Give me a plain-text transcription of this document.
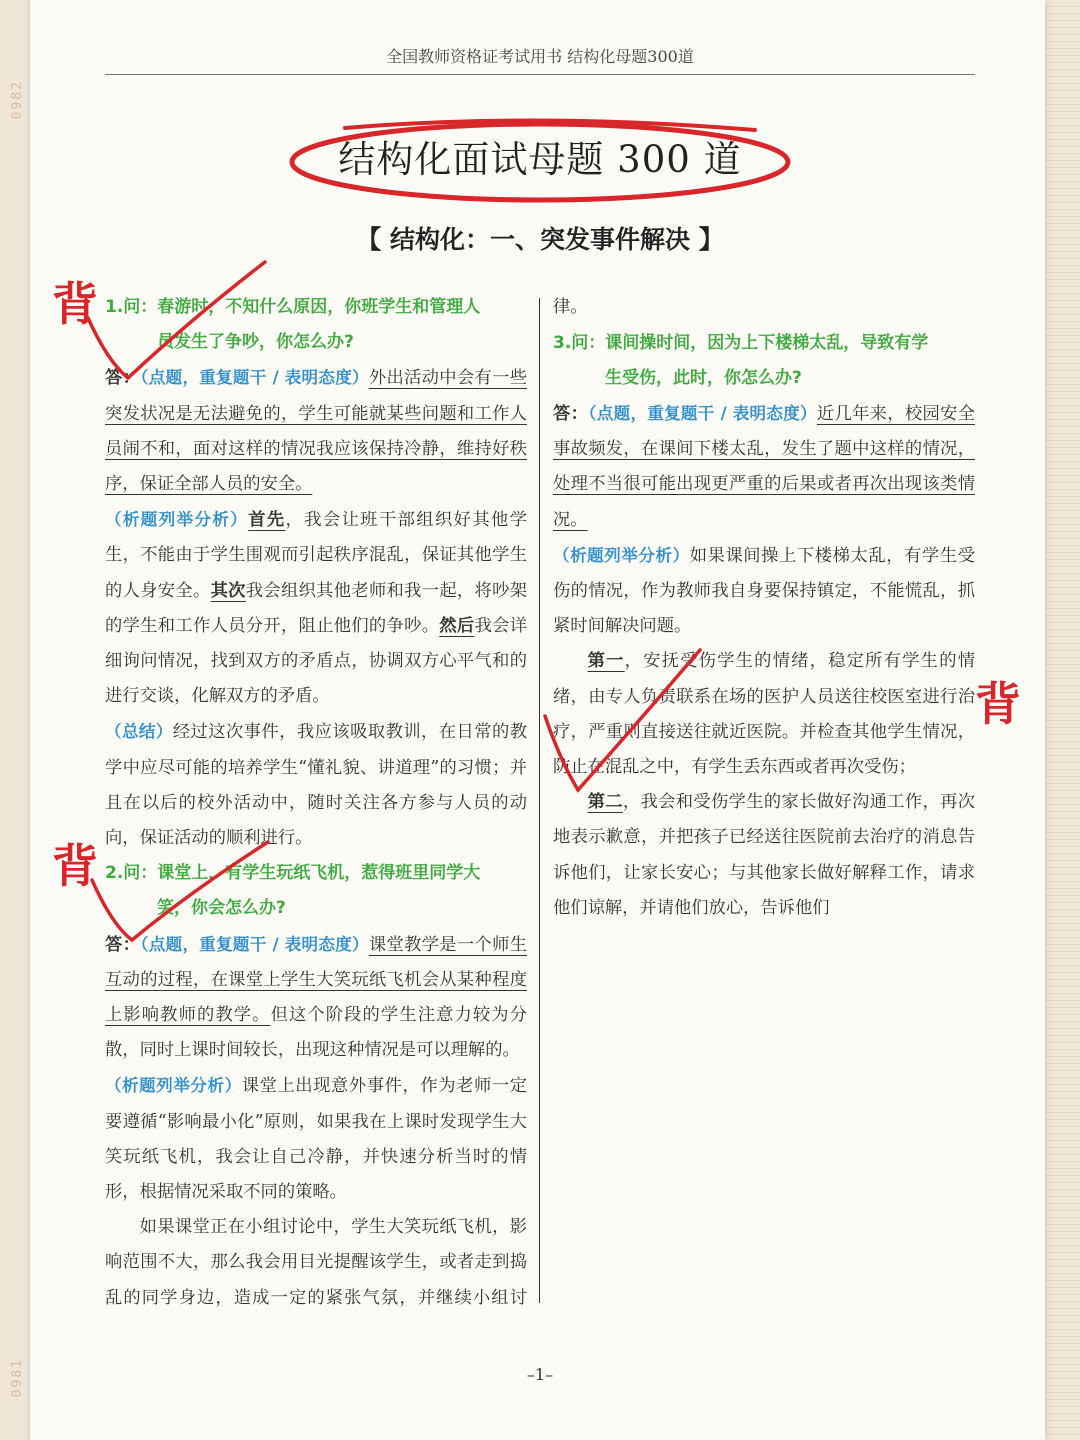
0982
0981
全国教师资格证考试用书 结构化母题300道
结构化面试母题 300 道
【 结构化：一、突发事件解决 】

1.问：春游时，不知什么原因，你班学生和管理人
员发生了争吵，你怎么办?

答：（点题，重复题干 / 表明态度）外出活动中会有一些突发状况是无法避免的，学生可能就某些问题和工作人员闹不和，面对这样的情况我应该保持冷静，维持好秩序，保证全部人员的安全。

（析题列举分析）首先，我会让班干部组织好其他学生，不能由于学生围观而引起秩序混乱，保证其他学生的人身安全。其次我会组织其他老师和我一起，将吵架的学生和工作人员分开，阻止他们的争吵。然后我会详细询问情况，找到双方的矛盾点，协调双方心平气和的进行交谈，化解双方的矛盾。

（总结）经过这次事件，我应该吸取教训，在日常的教学中应尽可能的培养学生“懂礼貌、讲道理”的习惯；并且在以后的校外活动中，随时关注各方参与人员的动向，保证活动的顺利进行。

2.问：课堂上，有学生玩纸飞机，惹得班里同学大
笑，你会怎么办?

答：（点题，重复题干 / 表明态度）课堂教学是一个师生互动的过程，在课堂上学生大笑玩纸飞机会从某种程度上影响教师的教学。但这个阶段的学生注意力较为分散，同时上课时间较长，出现这种情况是可以理解的。

（析题列举分析）课堂上出现意外事件，作为老师一定要遵循“影响最小化”原则，如果我在上课时发现学生大笑玩纸飞机，我会让自己冷静，并快速分析当时的情形，根据情况采取不同的策略。

如果课堂正在小组讨论中，学生大笑玩纸飞机，影响范围不大，那么我会用目光提醒该学生，或者走到捣乱的同学身边，造成一定的紧张气氛，并继续小组讨

律。

3.问：课间操时间，因为上下楼梯太乱，导致有学
生受伤，此时，你怎么办?

答：（点题，重复题干 / 表明态度）近几年来，校园安全事故频发，在课间下楼太乱，发生了题中这样的情况，处理不当很可能出现更严重的后果或者再次出现该类情况。

（析题列举分析）如果课间操上下楼梯太乱，有学生受伤的情况，作为教师我自身要保持镇定，不能慌乱，抓紧时间解决问题。

第一，安抚受伤学生的情绪，稳定所有学生的情绪，由专人负责联系在场的医护人员送往校医室进行治疗，严重则直接送往就近医院。并检查其他学生情况，防止在混乱之中，有学生丢东西或者再次受伤；

第二，我会和受伤学生的家长做好沟通工作，再次地表示歉意，并把孩子已经送往医院前去治疗的消息告诉他们，让家长安心；与其他家长做好解释工作，请求他们谅解，并请他们放心，告诉他们

背
背
背
–1–
